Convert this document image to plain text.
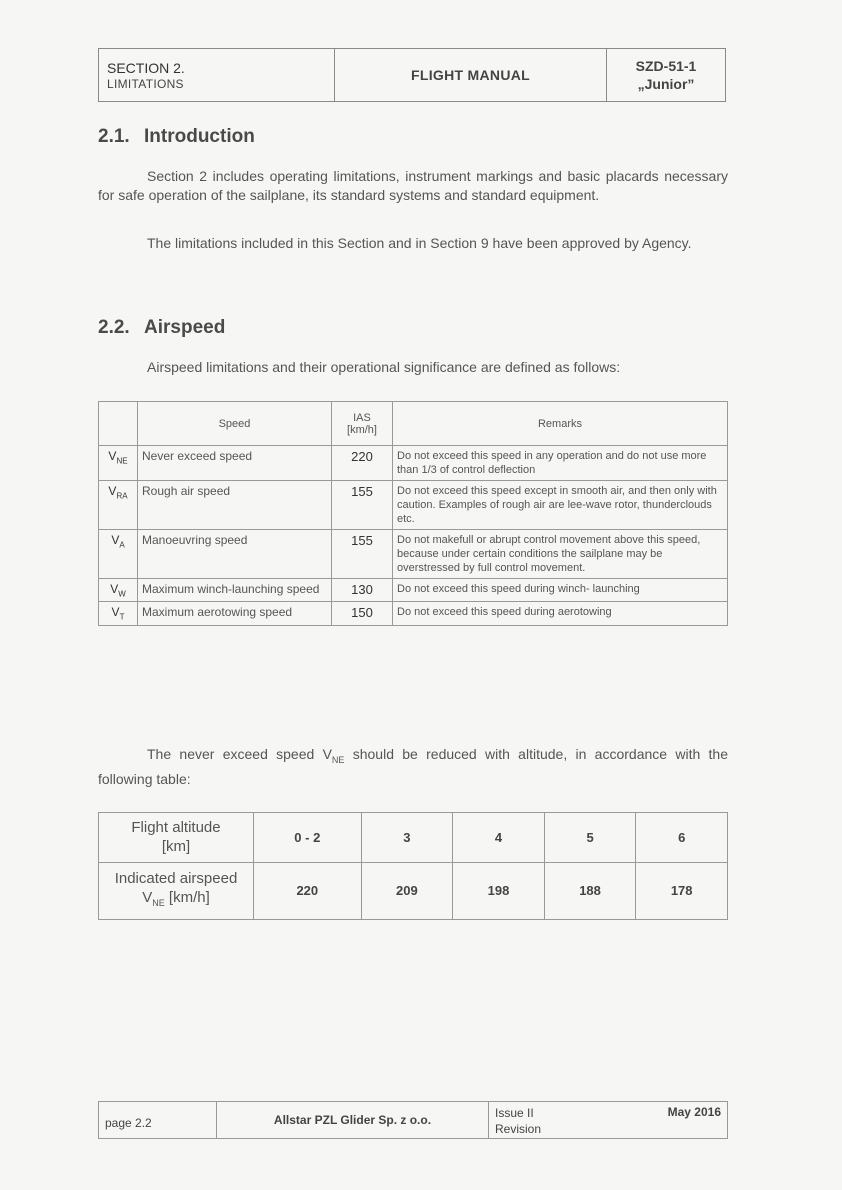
SECTION 2.
LIMITATIONS
FLIGHT MANUAL
SZD-51-1
„Junior”
2.1. Introduction

Section 2 includes operating limitations, instrument markings and basic placards necessary for safe operation of the sailplane, its standard systems and standard equipment.

The limitations included in this Section and in Section 9 have been approved by Agency.

2.2. Airspeed

Airspeed limitations and their operational significance are defined as follows:

	Speed	IAS
[km/h]	Remarks
$V_{NE}$	Never exceed speed	220	Do not exceed this speed in any operation and do not use more than 1/3 of control deflection
$V_{RA}$	Rough air speed	155	Do not exceed this speed except in smooth air, and then only with caution. Examples of rough air are lee-wave rotor, thunderclouds etc.
$V_A$	Manoeuvring speed	155	Do not makefull or abrupt control movement above this speed, because under certain conditions the sailplane may be overstressed by full control movement.
$V_W$	Maximum winch-launching speed	130	Do not exceed this speed during winch- launching
$V_T$	Maximum aerotowing speed	150	Do not exceed this speed during aerotowing

The never exceed speed $V_{NE}$ should be reduced with altitude, in accordance with the following table:

Flight altitude
[km]	0 - 2	3	4	5	6
Indicated airspeed
$V_{NE}$ [km/h]	220	209	198	188	178
page 2.2	Allstar PZL Glider Sp. z o.o.	Issue II
Revision
May 2016
